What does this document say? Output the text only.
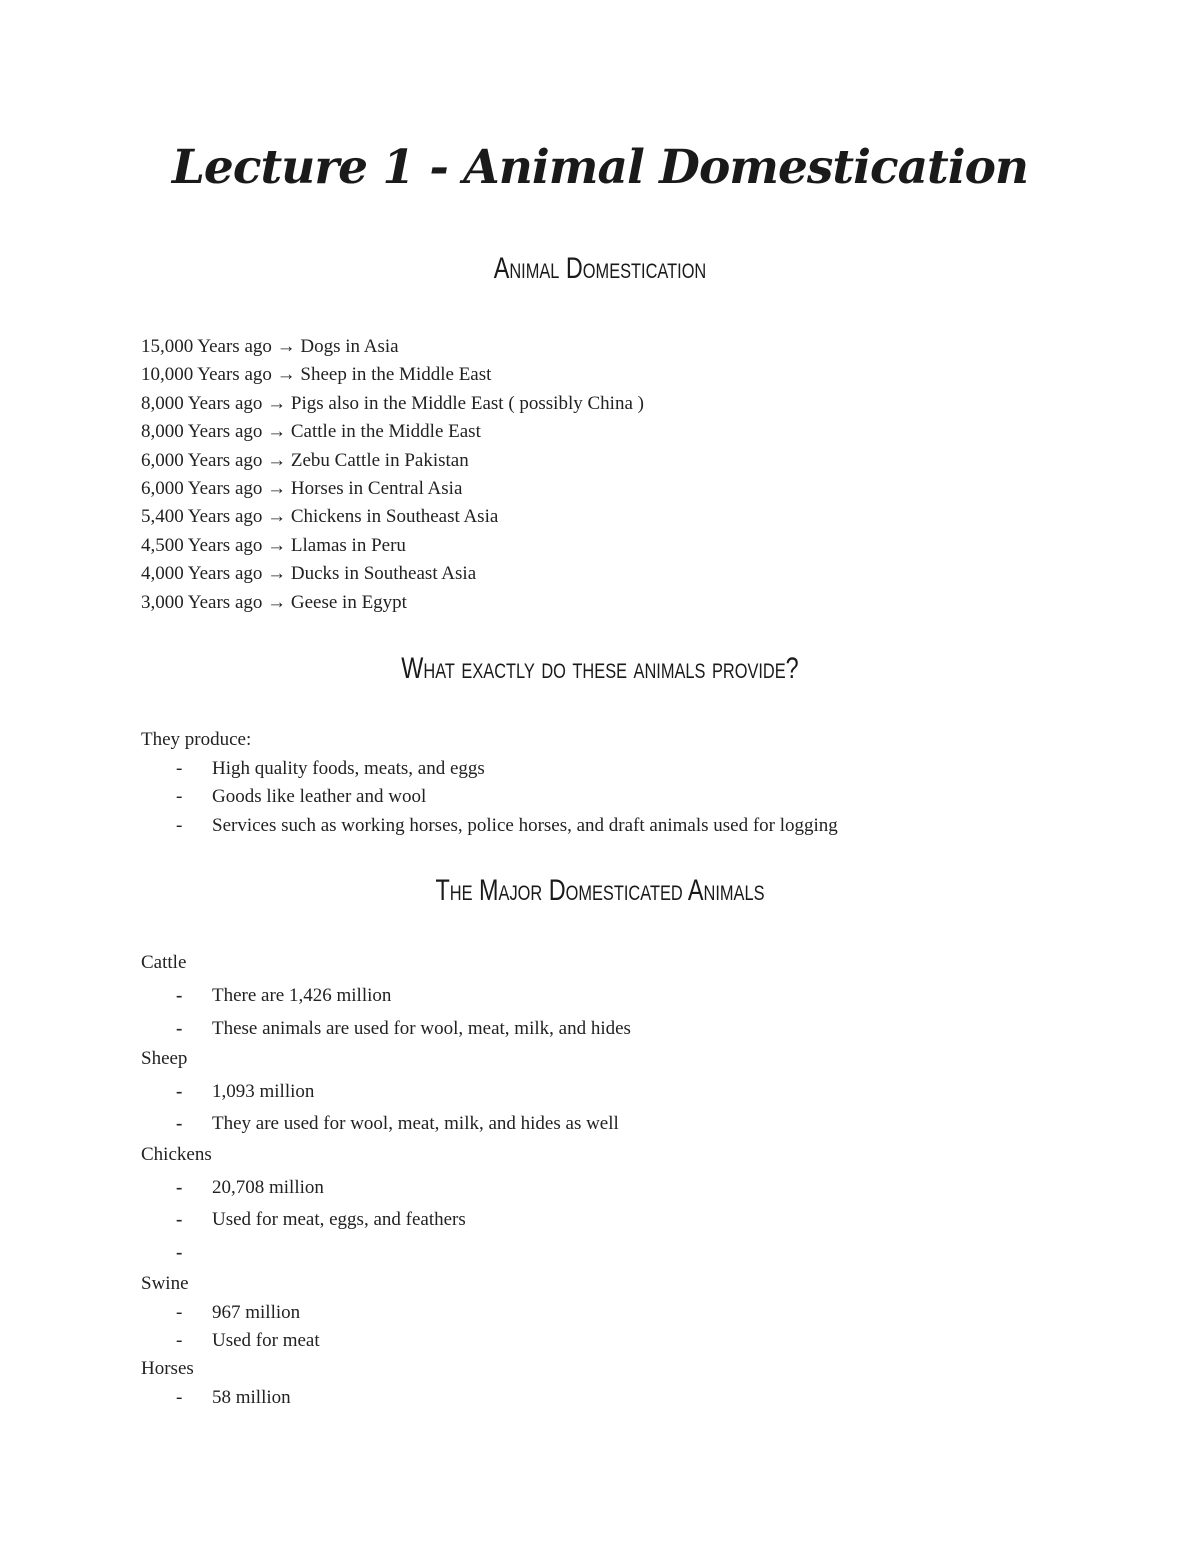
Lecture 1 - Animal Domestication
Animal Domestication
15,000 Years ago → Dogs in Asia
10,000 Years ago → Sheep in the Middle East
8,000 Years ago → Pigs also in the Middle East ( possibly China )
8,000 Years ago → Cattle in the Middle East
6,000 Years ago → Zebu Cattle in Pakistan
6,000 Years ago → Horses in Central Asia
5,400 Years ago → Chickens in Southeast Asia
4,500 Years ago → Llamas in Peru
4,000 Years ago → Ducks in Southeast Asia
3,000 Years ago → Geese in Egypt
What exactly do these animals provide?
They produce:
-	High quality foods, meats, and eggs
-	Goods like leather and wool
-	Services such as working horses, police horses, and draft animals used for logging
The Major Domesticated Animals
Cattle
-	There are 1,426 million
-	These animals are used for wool, meat, milk, and hides
Sheep
-	1,093 million
-	They are used for wool, meat, milk, and hides as well
Chickens
-	20,708 million
-	Used for meat, eggs, and feathers
-
Swine
-	967 million
-	Used for meat
Horses
-	58 million
